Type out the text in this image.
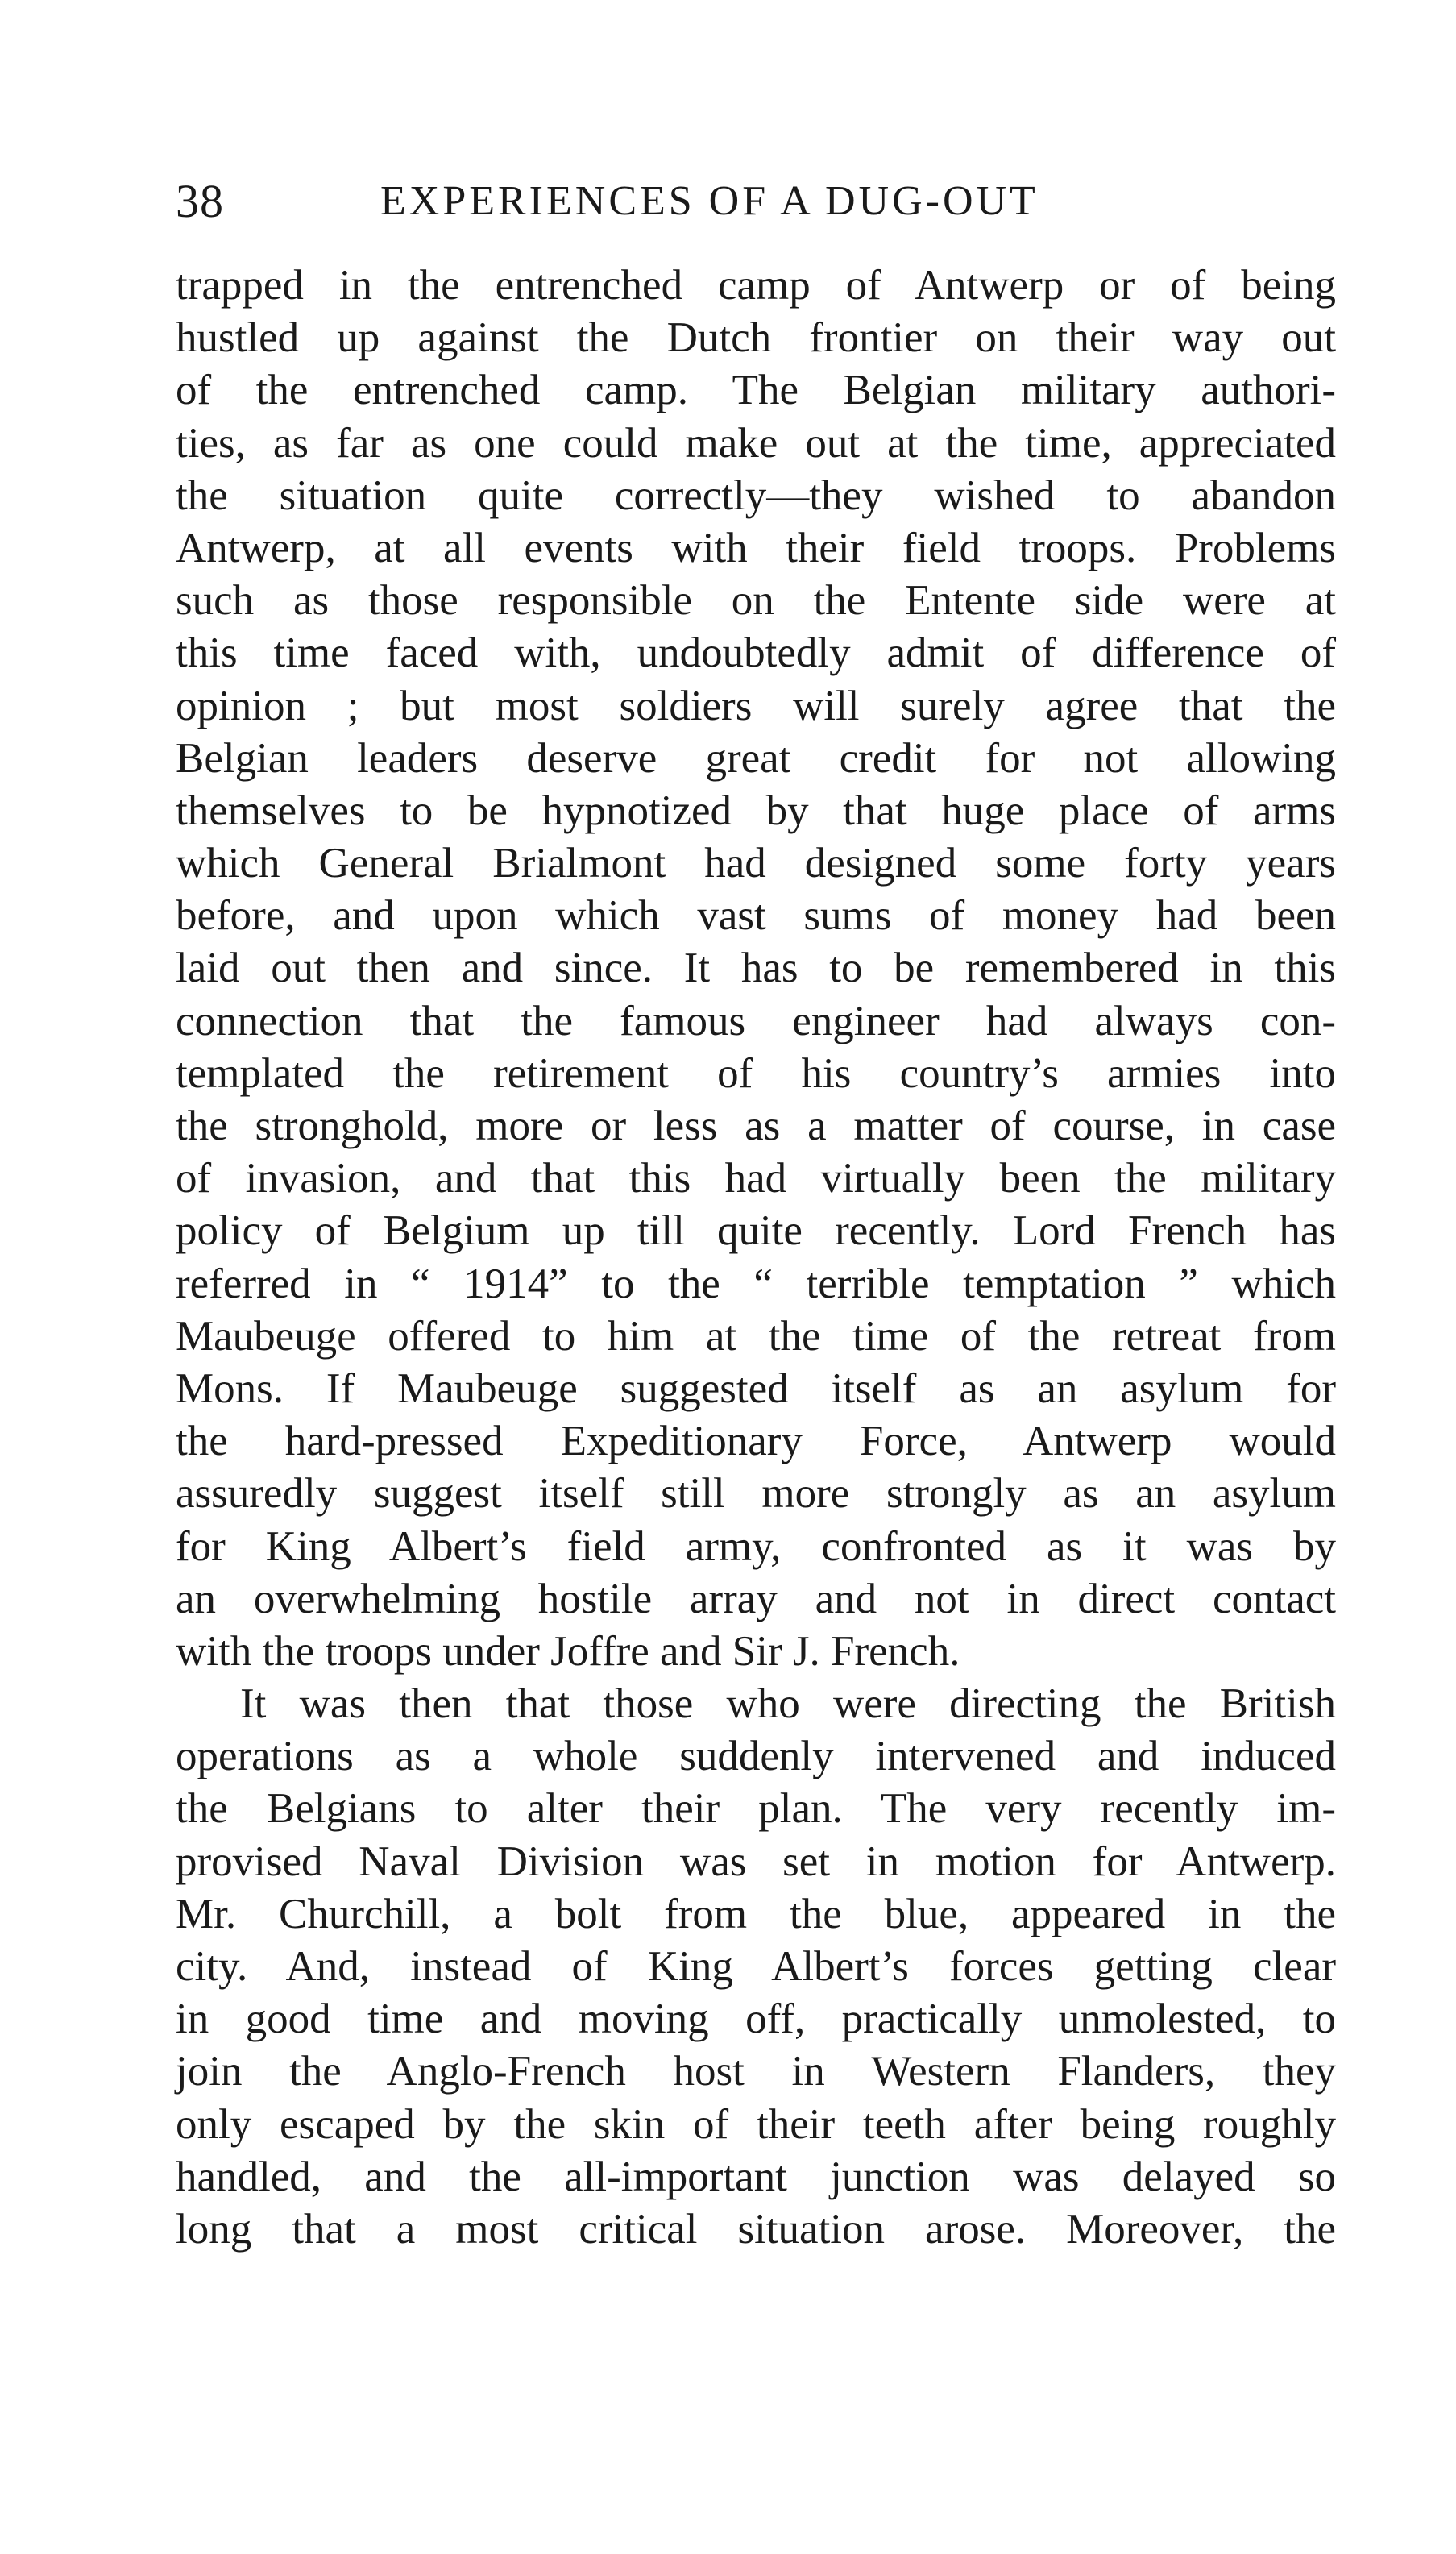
38	EXPERIENCES OF A DUG-OUT
trapped in the entrenched camp of Antwerp or of being
hustled up against the Dutch frontier on their way out
of the entrenched camp. The Belgian military authori-
ties, as far as one could make out at the time, appreciated
the situation quite correctly—they wished to abandon
Antwerp, at all events with their field troops. Problems
such as those responsible on the Entente side were at
this time faced with, undoubtedly admit of difference of
opinion ; but most soldiers will surely agree that the
Belgian leaders deserve great credit for not allowing
themselves to be hypnotized by that huge place of arms
which General Brialmont had designed some forty years
before, and upon which vast sums of money had been
laid out then and since. It has to be remembered in this
connection that the famous engineer had always con-
templated the retirement of his country’s armies into
the stronghold, more or less as a matter of course, in case
of invasion, and that this had virtually been the military
policy of Belgium up till quite recently. Lord French has
referred in “ 1914” to the “ terrible temptation ” which
Maubeuge offered to him at the time of the retreat from
Mons. If Maubeuge suggested itself as an asylum for
the hard-pressed Expeditionary Force, Antwerp would
assuredly suggest itself still more strongly as an asylum
for King Albert’s field army, confronted as it was by
an overwhelming hostile array and not in direct contact
with the troops under Joffre and Sir J. French.
It was then that those who were directing the British
operations as a whole suddenly intervened and induced
the Belgians to alter their plan. The very recently im-
provised Naval Division was set in motion for Antwerp.
Mr. Churchill, a bolt from the blue, appeared in the
city. And, instead of King Albert’s forces getting clear
in good time and moving off, practically unmolested, to
join the Anglo-French host in Western Flanders, they
only escaped by the skin of their teeth after being roughly
handled, and the all-important junction was delayed so
long that a most critical situation arose. Moreover, the
